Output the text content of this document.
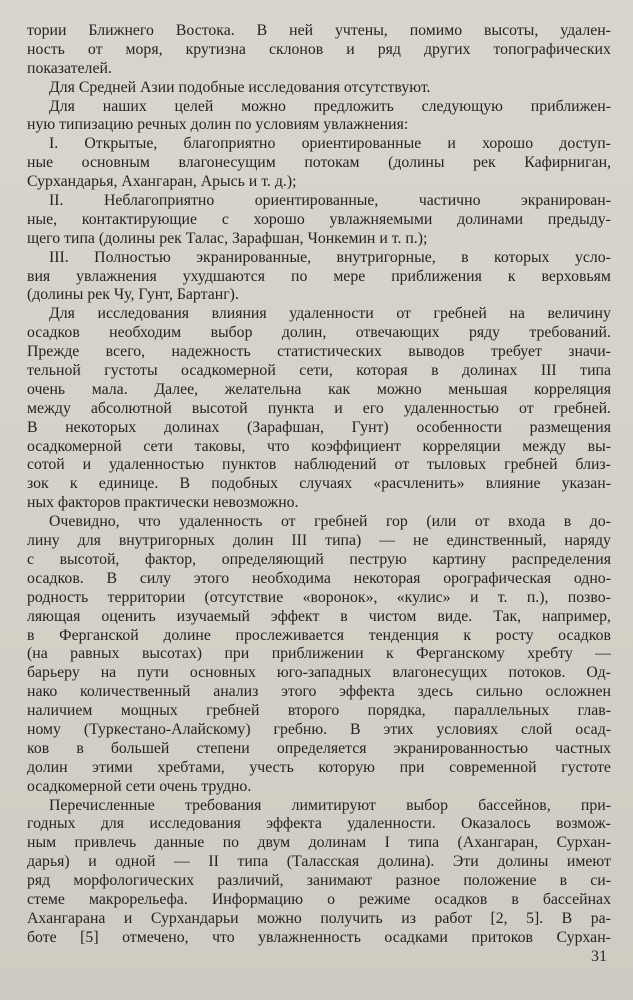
тории Ближнего Востока. В ней учтены, помимо высоты, удален-
ность от моря, крутизна склонов и ряд других топографических
показателей.
Для Средней Азии подобные исследования отсутствуют.
Для наших целей можно предложить следующую приближен-
ную типизацию речных долин по условиям увлажнения:
I. Открытые, благоприятно ориентированные и хорошо доступ-
ные основным влагонесущим потокам (долины рек Кафирниган,
Сурхандарья, Ахангаран, Арысь и т. д.);
II.	Неблагоприятно	ориентированные,	частично	экранирован-
ные, контактирующие с хорошо увлажняемыми долинами предыду-
щего типа (долины рек Талас, Зарафшан, Чонкемин и т. п.);
III. Полностью экранированные, внутригорные, в которых усло-
вия увлажнения ухудшаются по мере приближения к верховьям
(долины рек Чу, Гунт, Бартанг).
Для исследования влияния удаленности от гребней на величину
осадков необходим выбор долин, отвечающих ряду требований.
Прежде всего, надежность статистических выводов требует значи-
тельной густоты осадкомерной сети, которая в долинах III типа
очень мала. Далее, желательна как можно меньшая корреляция
между абсолютной высотой пункта и его удаленностью от гребней.
В некоторых долинах (Зарафшан, Гунт) особенности размещения
осадкомерной сети таковы, что коэффициент корреляции между вы-
сотой и удаленностью пунктов наблюдений от тыловых гребней близ-
зок к единице. В подобных случаях «расчленить» влияние указан-
ных факторов практически невозможно.
Очевидно, что удаленность от гребней гор (или от входа в до-
лину для внутригорных долин III типа) — не единственный, наряду
с высотой, фактор, определяющий пеструю картину распределения
осадков. В силу этого необходима некоторая орографическая одно-
родность территории (отсутствие «воронок», «кулис» и т. п.), позво-
ляющая оценить изучаемый эффект в чистом виде. Так, например,
в Ферганской долине прослеживается тенденция к росту осадков
(на равных высотах) при приближении к Ферганскому хребту —
барьеру на пути основных юго-западных влагонесущих потоков. Од-
нако количественный анализ этого эффекта здесь сильно осложнен
наличием мощных гребней второго порядка, параллельных глав-
ному (Туркестано-Алайскому) гребню. В этих условиях слой осад-
ков в большей степени определяется экранированностью частных
долин этими хребтами, учесть которую при современной густоте
осадкомерной сети очень трудно.
Перечисленные требования лимитируют выбор бассейнов, при-
годных для исследования эффекта удаленности. Оказалось возмож-
ным привлечь данные по двум долинам I типа (Ахангаран, Сурхан-
дарья) и одной — II типа (Таласская долина). Эти долины имеют
ряд морфологических различий, занимают разное положение в си-
стеме макрорельефа. Информацию о режиме осадков в бассейнах
Ахангарана и Сурхандарьи можно получить из работ [2, 5]. В ра-
боте [5] отмечено, что увлажненность осадками притоков Сурхан-
31
